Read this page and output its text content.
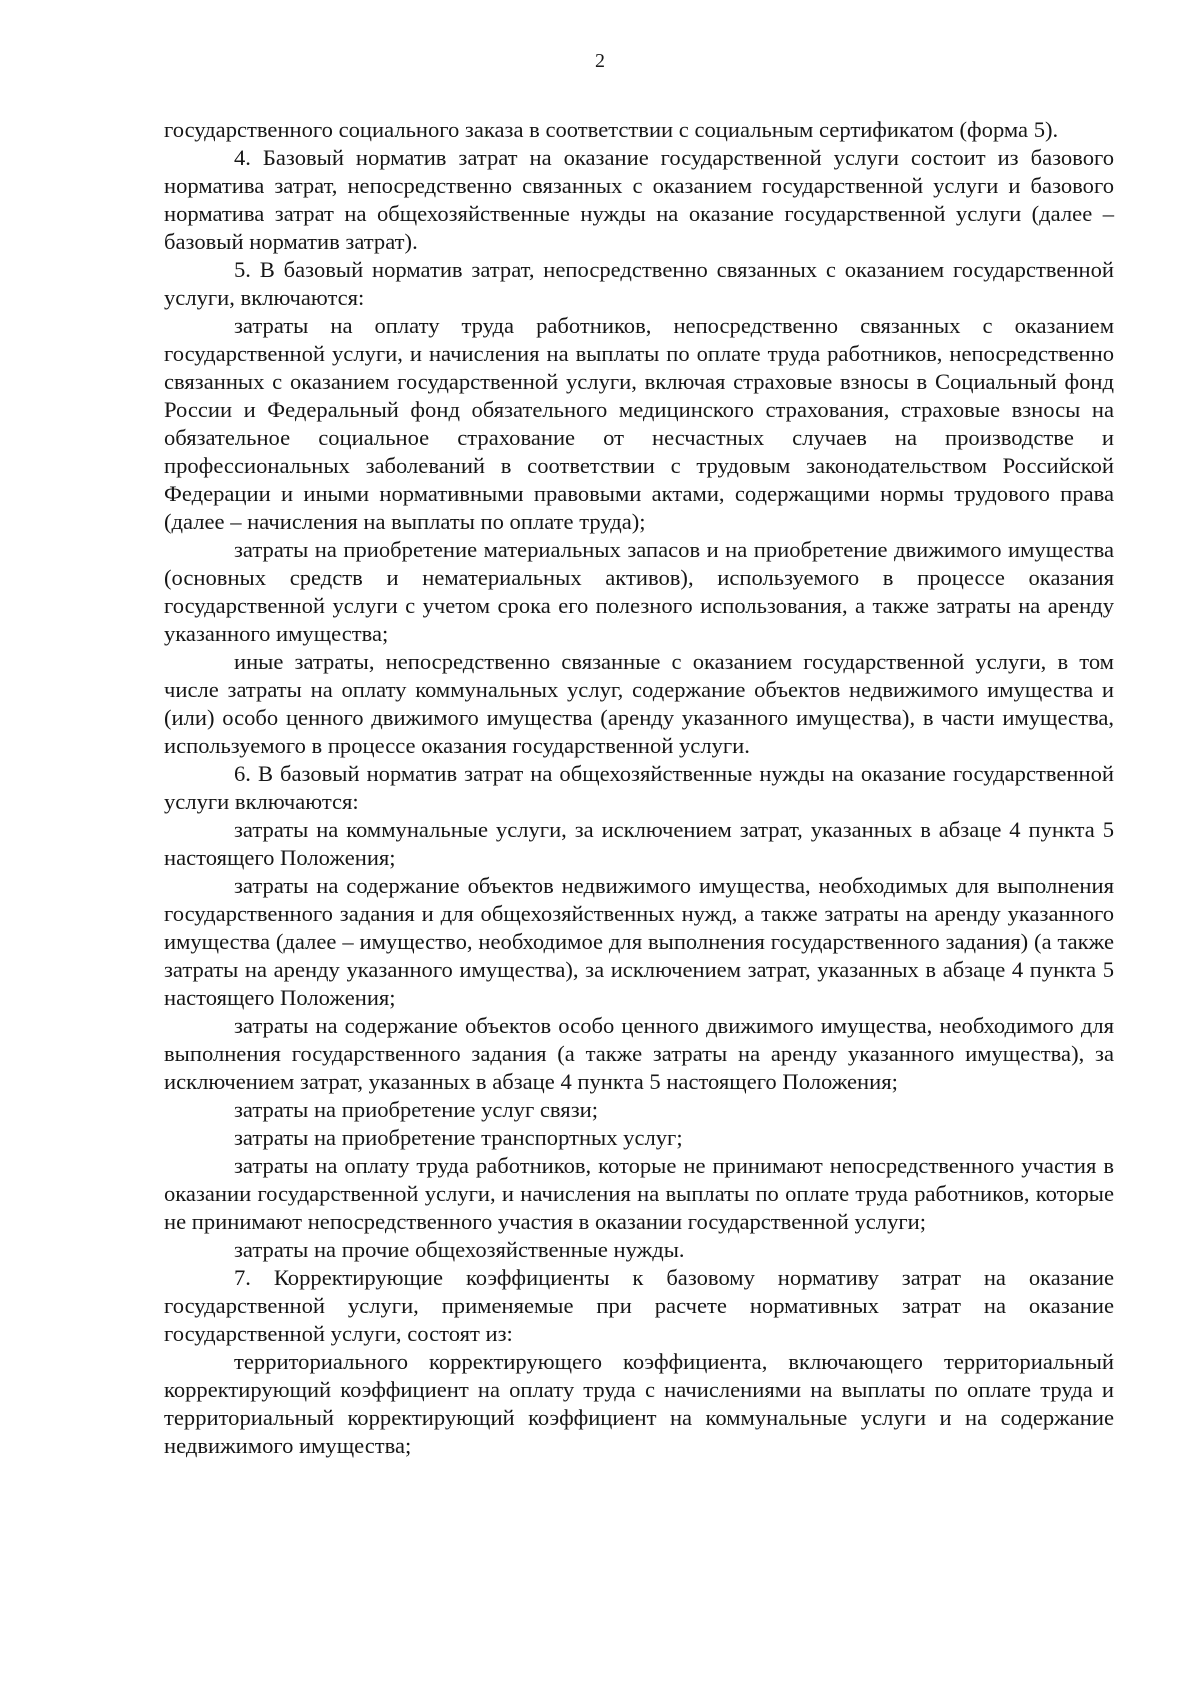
2

государственного социального заказа в соответствии с социальным сертификатом (форма 5).

4. Базовый норматив затрат на оказание государственной услуги состоит из базового норматива затрат, непосредственно связанных с оказанием государственной услуги и базового норматива затрат на общехозяйственные нужды на оказание государственной услуги (далее – базовый норматив затрат).

5. В базовый норматив затрат, непосредственно связанных с оказанием государственной услуги, включаются:

затраты на оплату труда работников, непосредственно связанных с оказанием государственной услуги, и начисления на выплаты по оплате труда работников, непосредственно связанных с оказанием государственной услуги, включая страховые взносы в Социальный фонд России и Федеральный фонд обязательного медицинского страхования, страховые взносы на обязательное социальное страхование от несчастных случаев на производстве и профессиональных заболеваний в соответствии с трудовым законодательством Российской Федерации и иными нормативными правовыми актами, содержащими нормы трудового права (далее – начисления на выплаты по оплате труда);

затраты на приобретение материальных запасов и на приобретение движимого имущества (основных средств и нематериальных активов), используемого в процессе оказания государственной услуги с учетом срока его полезного использования, а также затраты на аренду указанного имущества;

иные затраты, непосредственно связанные с оказанием государственной услуги, в том числе затраты на оплату коммунальных услуг, содержание объектов недвижимого имущества и (или) особо ценного движимого имущества (аренду указанного имущества), в части имущества, используемого в процессе оказания государственной услуги.

6. В базовый норматив затрат на общехозяйственные нужды на оказание государственной услуги включаются:

затраты на коммунальные услуги, за исключением затрат, указанных в абзаце 4 пункта 5 настоящего Положения;

затраты на содержание объектов недвижимого имущества, необходимых для выполнения государственного задания и для общехозяйственных нужд, а также затраты на аренду указанного имущества (далее – имущество, необходимое для выполнения государственного задания) (а также затраты на аренду указанного имущества), за исключением затрат, указанных в абзаце 4 пункта 5 настоящего Положения;

затраты на содержание объектов особо ценного движимого имущества, необходимого для выполнения государственного задания (а также затраты на аренду указанного имущества), за исключением затрат, указанных в абзаце 4 пункта 5 настоящего Положения;

затраты на приобретение услуг связи;

затраты на приобретение транспортных услуг;

затраты на оплату труда работников, которые не принимают непосредственного участия в оказании государственной услуги, и начисления на выплаты по оплате труда работников, которые не принимают непосредственного участия в оказании государственной услуги;

затраты на прочие общехозяйственные нужды.

7. Корректирующие коэффициенты к базовому нормативу затрат на оказание государственной услуги, применяемые при расчете нормативных затрат на оказание государственной услуги, состоят из:

территориального корректирующего коэффициента, включающего территориальный корректирующий коэффициент на оплату труда с начислениями на выплаты по оплате труда и территориальный корректирующий коэффициент на коммунальные услуги и на содержание недвижимого имущества;
